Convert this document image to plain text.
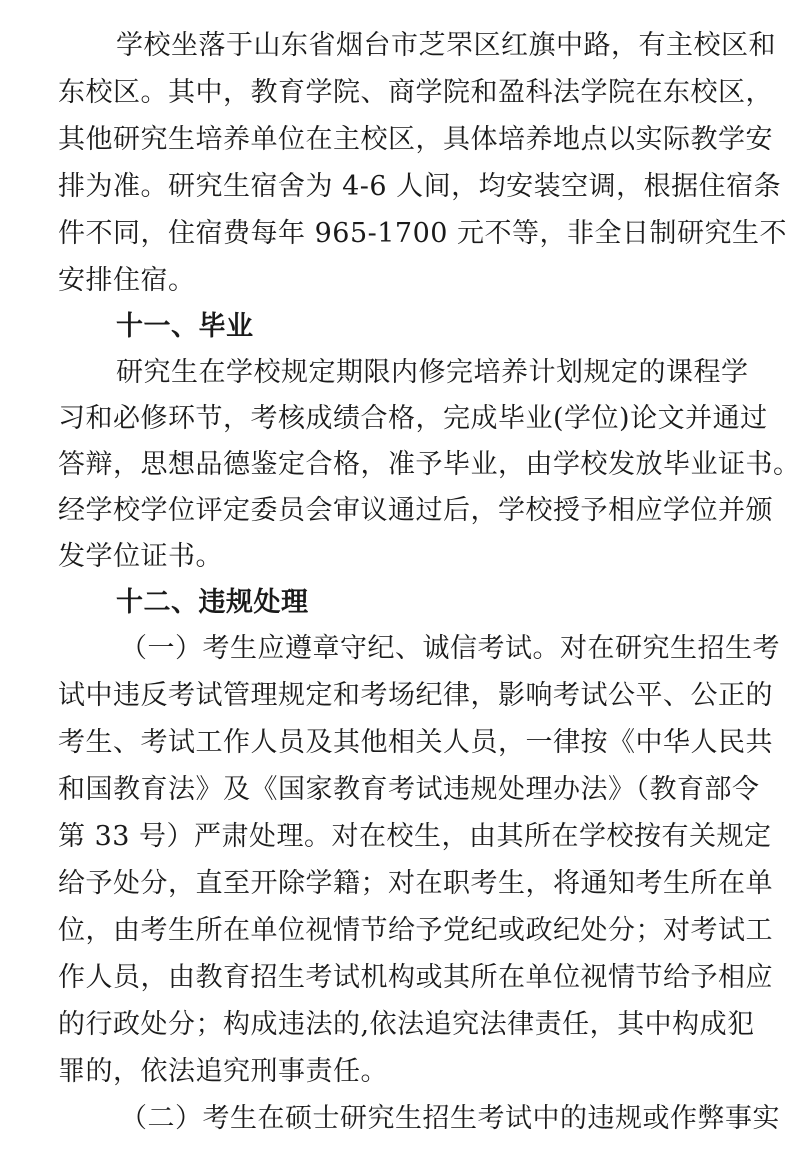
学校坐落于山东省烟台市芝罘区红旗中路，有主校区和
东校区。其中，教育学院、商学院和盈科法学院在东校区，
其他研究生培养单位在主校区，具体培养地点以实际教学安
排为准。研究生宿舍为 4-6 人间，均安装空调，根据住宿条
件不同，住宿费每年 965-1700 元不等，非全日制研究生不
安排住宿。
十一、毕业
研究生在学校规定期限内修完培养计划规定的课程学
习和必修环节，考核成绩合格，完成毕业(学位)论文并通过
答辩，思想品德鉴定合格，准予毕业，由学校发放毕业证书。
经学校学位评定委员会审议通过后，学校授予相应学位并颁
发学位证书。
十二、违规处理
（一）考生应遵章守纪、诚信考试。对在研究生招生考
试中违反考试管理规定和考场纪律，影响考试公平、公正的
考生、考试工作人员及其他相关人员，一律按《中华人民共
和国教育法》及《国家教育考试违规处理办法》（教育部令
第 33 号）严肃处理。对在校生，由其所在学校按有关规定
给予处分，直至开除学籍；对在职考生，将通知考生所在单
位，由考生所在单位视情节给予党纪或政纪处分；对考试工
作人员，由教育招生考试机构或其所在单位视情节给予相应
的行政处分；构成违法的,依法追究法律责任，其中构成犯
罪的，依法追究刑事责任。
（二）考生在硕士研究生招生考试中的违规或作弊事实
